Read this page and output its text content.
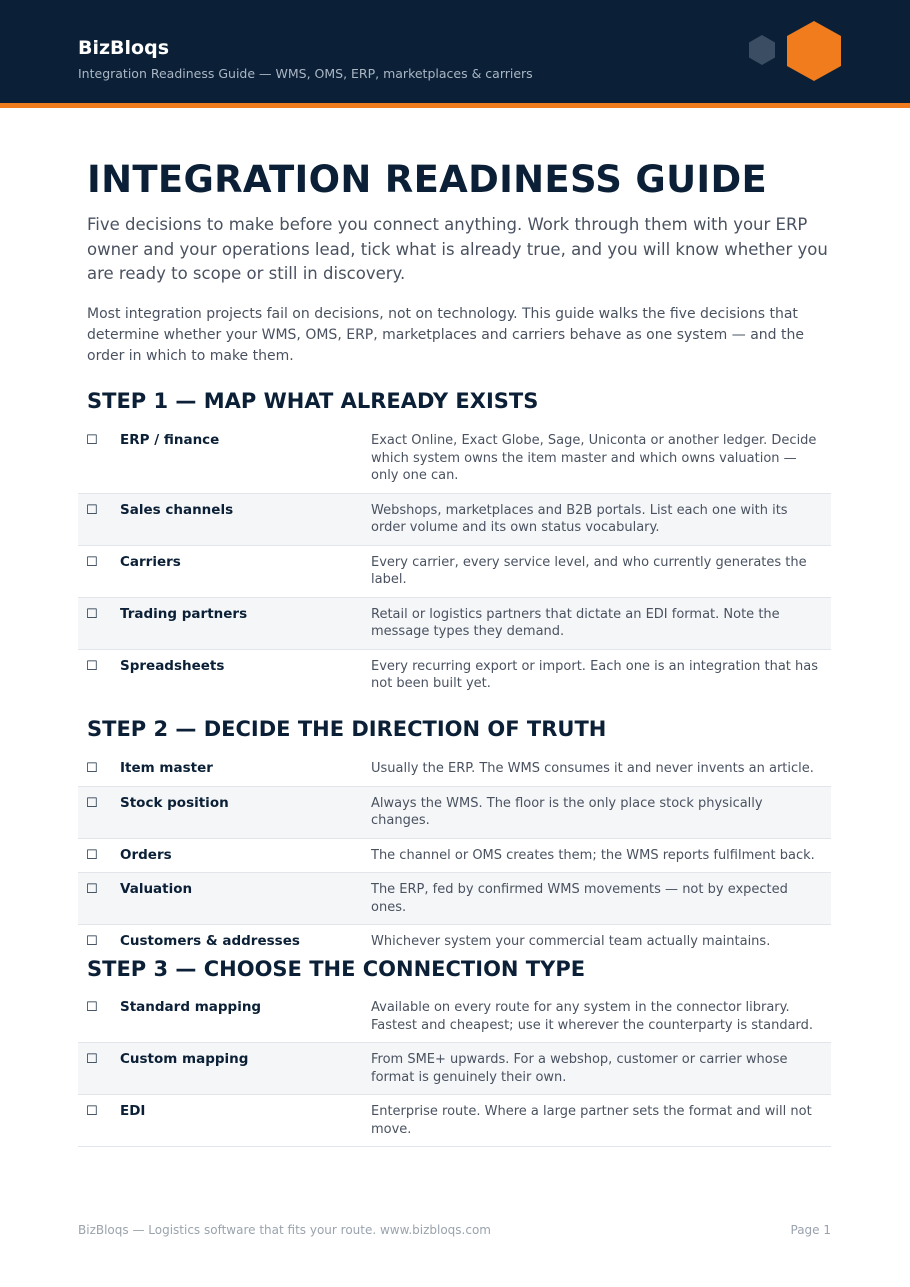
BizBloqs
Integration Readiness Guide — WMS, OMS, ERP, marketplaces & carriers
INTEGRATION READINESS GUIDE

Five decisions to make before you connect anything. Work through them with your ERP owner and your operations lead, tick what is already true, and you will know whether you are ready to scope or still in discovery.

Most integration projects fail on decisions, not on technology. This guide walks the five decisions that determine whether your WMS, OMS, ERP, marketplaces and carriers behave as one system — and the order in which to make them.

STEP 1 — MAP WHAT ALREADY EXISTS
☐	ERP / finance	Exact Online, Exact Globe, Sage, Uniconta or another ledger. Decide which system owns the item master and which owns valuation — only one can.
☐	Sales channels	Webshops, marketplaces and B2B portals. List each one with its order volume and its own status vocabulary.
☐	Carriers	Every carrier, every service level, and who currently generates the label.
☐	Trading partners	Retail or logistics partners that dictate an EDI format. Note the message types they demand.
☐	Spreadsheets	Every recurring export or import. Each one is an integration that has not been built yet.
STEP 2 — DECIDE THE DIRECTION OF TRUTH
☐	Item master	Usually the ERP. The WMS consumes it and never invents an article.
☐	Stock position	Always the WMS. The floor is the only place stock physically changes.
☐	Orders	The channel or OMS creates them; the WMS reports fulfilment back.
☐	Valuation	The ERP, fed by confirmed WMS movements — not by expected ones.
☐	Customers & addresses	Whichever system your commercial team actually maintains.
STEP 3 — CHOOSE THE CONNECTION TYPE
☐	Standard mapping	Available on every route for any system in the connector library. Fastest and cheapest; use it wherever the counterparty is standard.
☐	Custom mapping	From SME+ upwards. For a webshop, customer or carrier whose format is genuinely their own.
☐	EDI	Enterprise route. Where a large partner sets the format and will not move.
BizBloqs — Logistics software that fits your route. www.bizbloqs.com	Page 1
